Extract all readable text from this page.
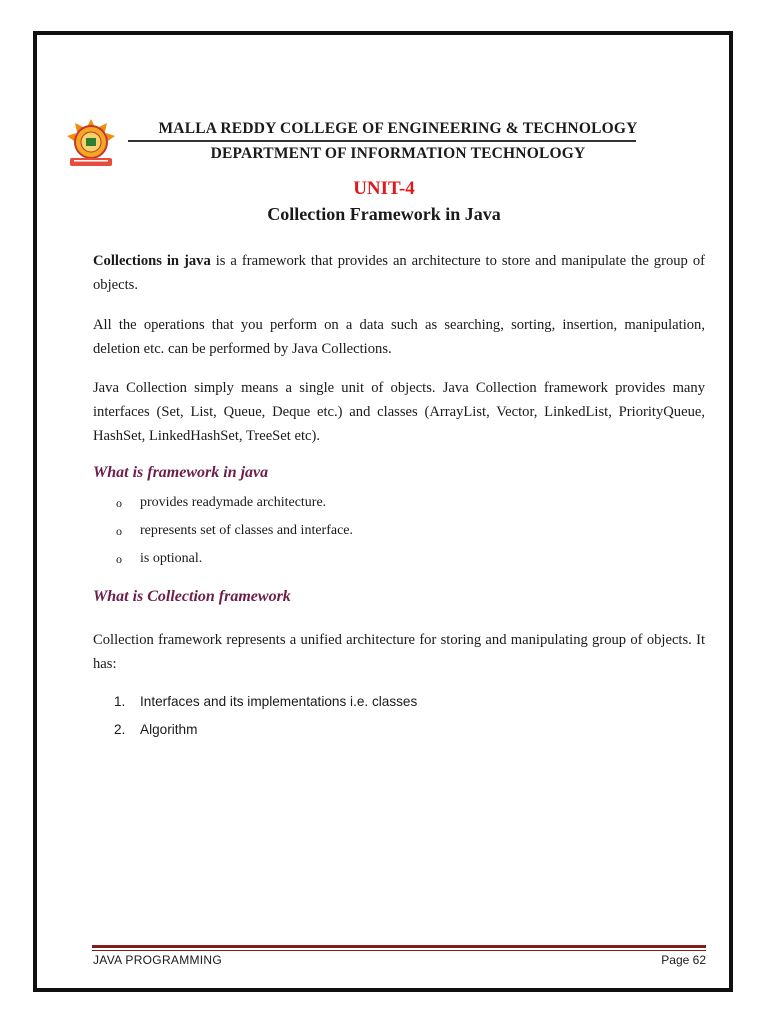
MALLA REDDY COLLEGE OF ENGINEERING & TECHNOLOGY
DEPARTMENT OF INFORMATION TECHNOLOGY
UNIT-4
Collection Framework in Java
Collections in java is a framework that provides an architecture to store and manipulate the group of objects.
All the operations that you perform on a data such as searching, sorting, insertion, manipulation, deletion etc. can be performed by Java Collections.
Java Collection simply means a single unit of objects. Java Collection framework provides many interfaces (Set, List, Queue, Deque etc.) and classes (ArrayList, Vector, LinkedList, PriorityQueue, HashSet, LinkedHashSet, TreeSet etc).
What is framework in java
o provides readymade architecture.
o represents set of classes and interface.
o is optional.
What is Collection framework
Collection framework represents a unified architecture for storing and manipulating group of objects. It has:
1. Interfaces and its implementations i.e. classes
2. Algorithm
JAVA PROGRAMMING	Page 62
